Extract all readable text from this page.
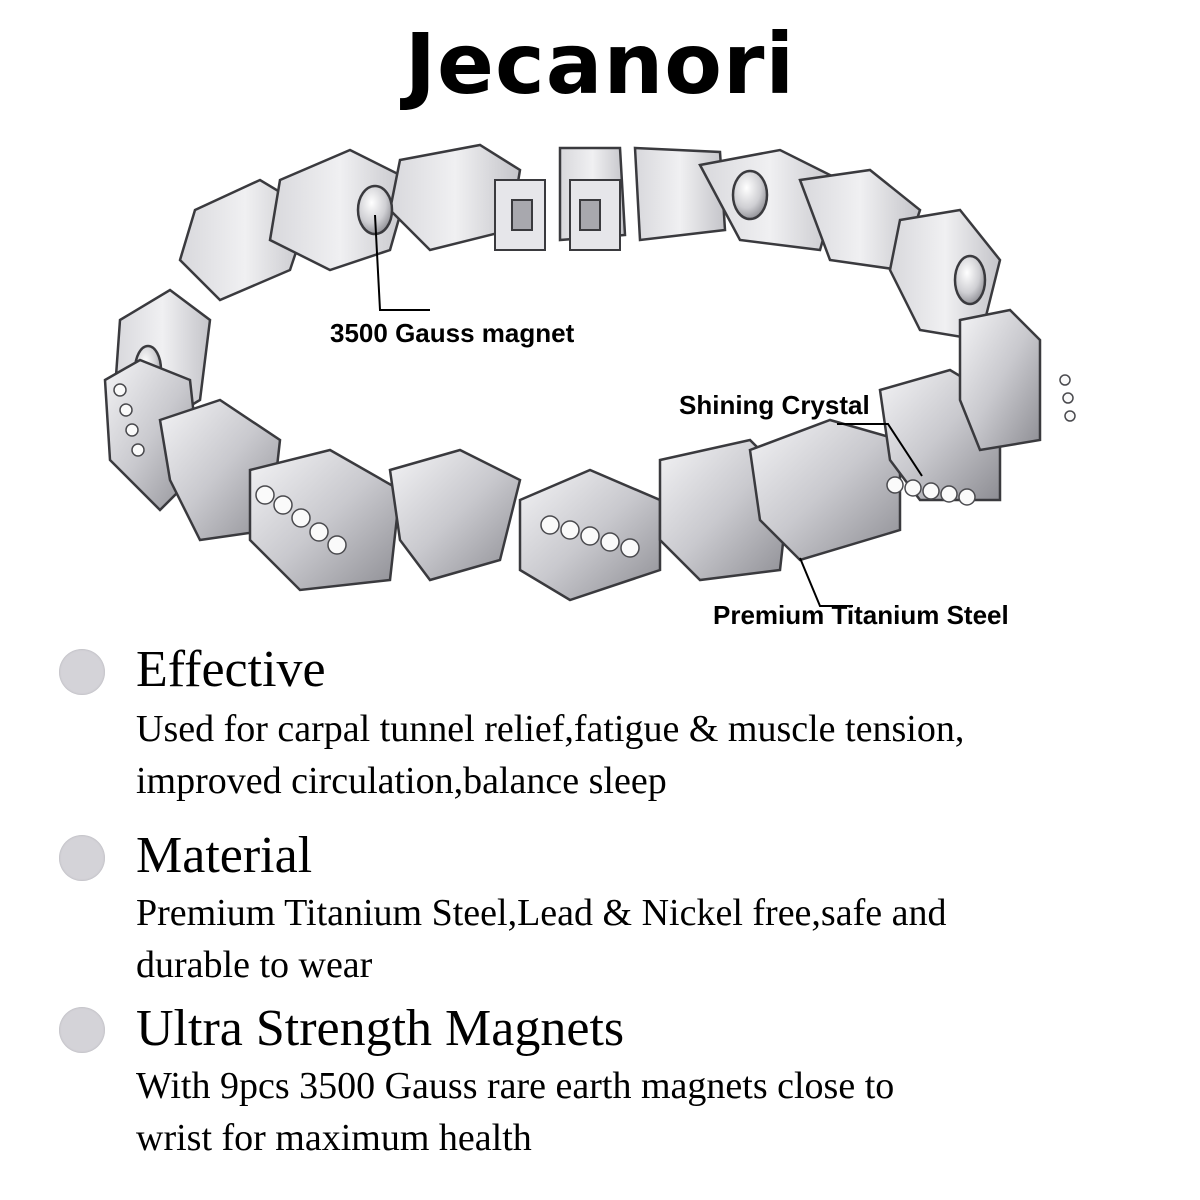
Jecanori
3500 Gauss magnet
Shining Crystal
Premium Titanium Steel
Effective
Used for carpal tunnel relief,fatigue & muscle tension,
improved circulation,balance sleep
Material
Premium Titanium Steel,Lead & Nickel free,safe and
durable to wear
Ultra Strength Magnets
With 9pcs 3500 Gauss rare earth magnets close to
wrist for maximum health
